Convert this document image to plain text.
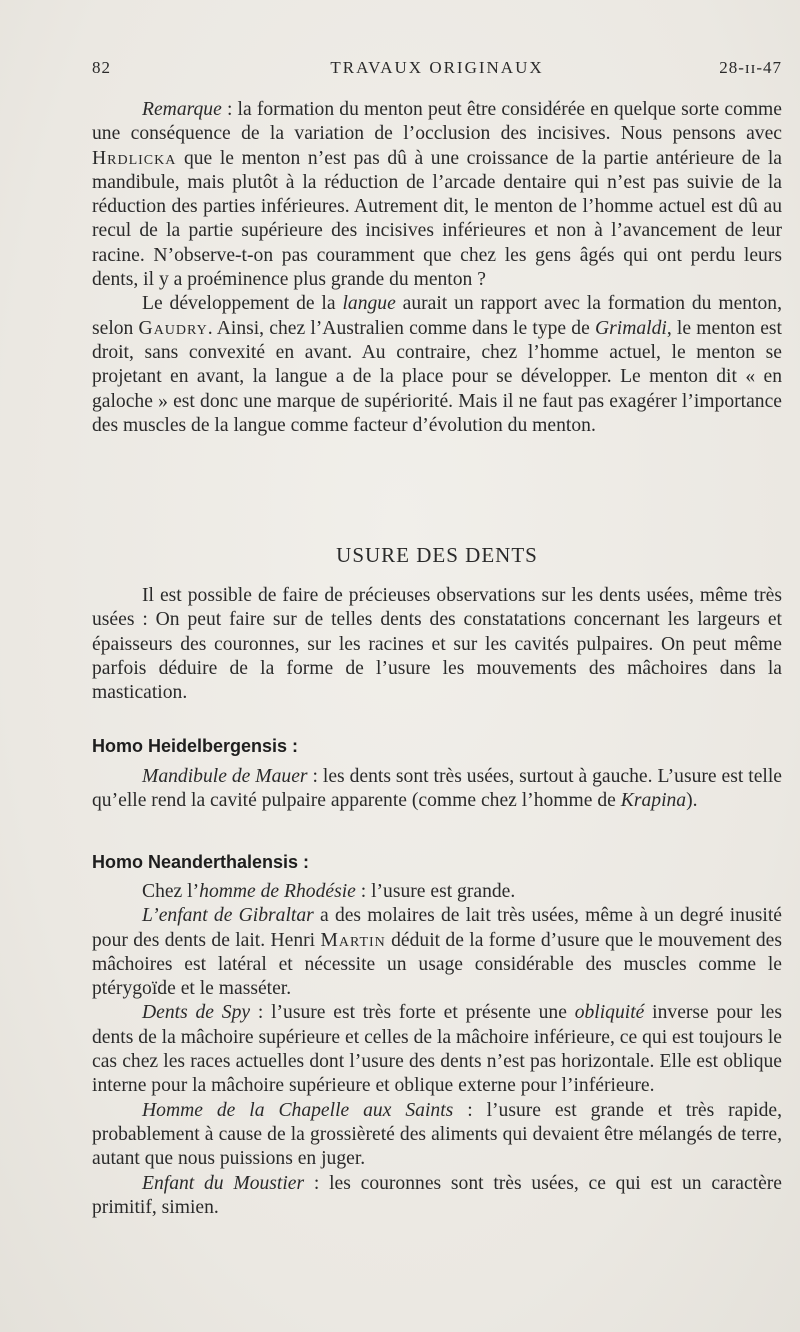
82	TRAVAUX ORIGINAUX	28-ɪɪ-47

Remarque : la formation du menton peut être considérée en quelque sorte comme une conséquence de la variation de l’occlusion des incisives. Nous pensons avec Hrdlicka que le menton n’est pas dû à une croissance de la partie antérieure de la mandibule, mais plutôt à la réduction de l’arcade dentaire qui n’est pas suivie de la réduction des parties inférieures. Autrement dit, le menton de l’homme actuel est dû au recul de la partie supérieure des incisives inférieures et non à l’avancement de leur racine. N’observe-t-on pas couramment que chez les gens âgés qui ont perdu leurs dents, il y a proéminence plus grande du menton ?

Le développement de la langue aurait un rapport avec la formation du menton, selon Gaudry. Ainsi, chez l’Australien comme dans le type de Grimaldi, le menton est droit, sans convexité en avant. Au contraire, chez l’homme actuel, le menton se projetant en avant, la langue a de la place pour se développer. Le menton dit « en galoche » est donc une marque de supériorité. Mais il ne faut pas exagérer l’importance des muscles de la langue comme facteur d’évolution du menton.

USURE DES DENTS

Il est possible de faire de précieuses observations sur les dents usées, même très usées : On peut faire sur de telles dents des constatations concernant les largeurs et épaisseurs des couronnes, sur les racines et sur les cavités pulpaires. On peut même parfois déduire de la forme de l’usure les mouvements des mâchoires dans la mastication.

Homo Heidelbergensis :

Mandibule de Mauer : les dents sont très usées, surtout à gauche. L’usure est telle qu’elle rend la cavité pulpaire apparente (comme chez l’homme de Krapina).

Homo Neanderthalensis :

Chez l’homme de Rhodésie : l’usure est grande.

L’enfant de Gibraltar a des molaires de lait très usées, même à un degré inusité pour des dents de lait. Henri Martin déduit de la forme d’usure que le mouvement des mâchoires est latéral et nécessite un usage considérable des muscles comme le ptérygoïde et le masséter.

Dents de Spy : l’usure est très forte et présente une obliquité inverse pour les dents de la mâchoire supérieure et celles de la mâchoire inférieure, ce qui est toujours le cas chez les races actuelles dont l’usure des dents n’est pas horizontale. Elle est oblique interne pour la mâchoire supérieure et oblique externe pour l’inférieure.

Homme de la Chapelle aux Saints : l’usure est grande et très rapide, probablement à cause de la grossièreté des aliments qui devaient être mélangés de terre, autant que nous puissions en juger.

Enfant du Moustier : les couronnes sont très usées, ce qui est un caractère primitif, simien.
